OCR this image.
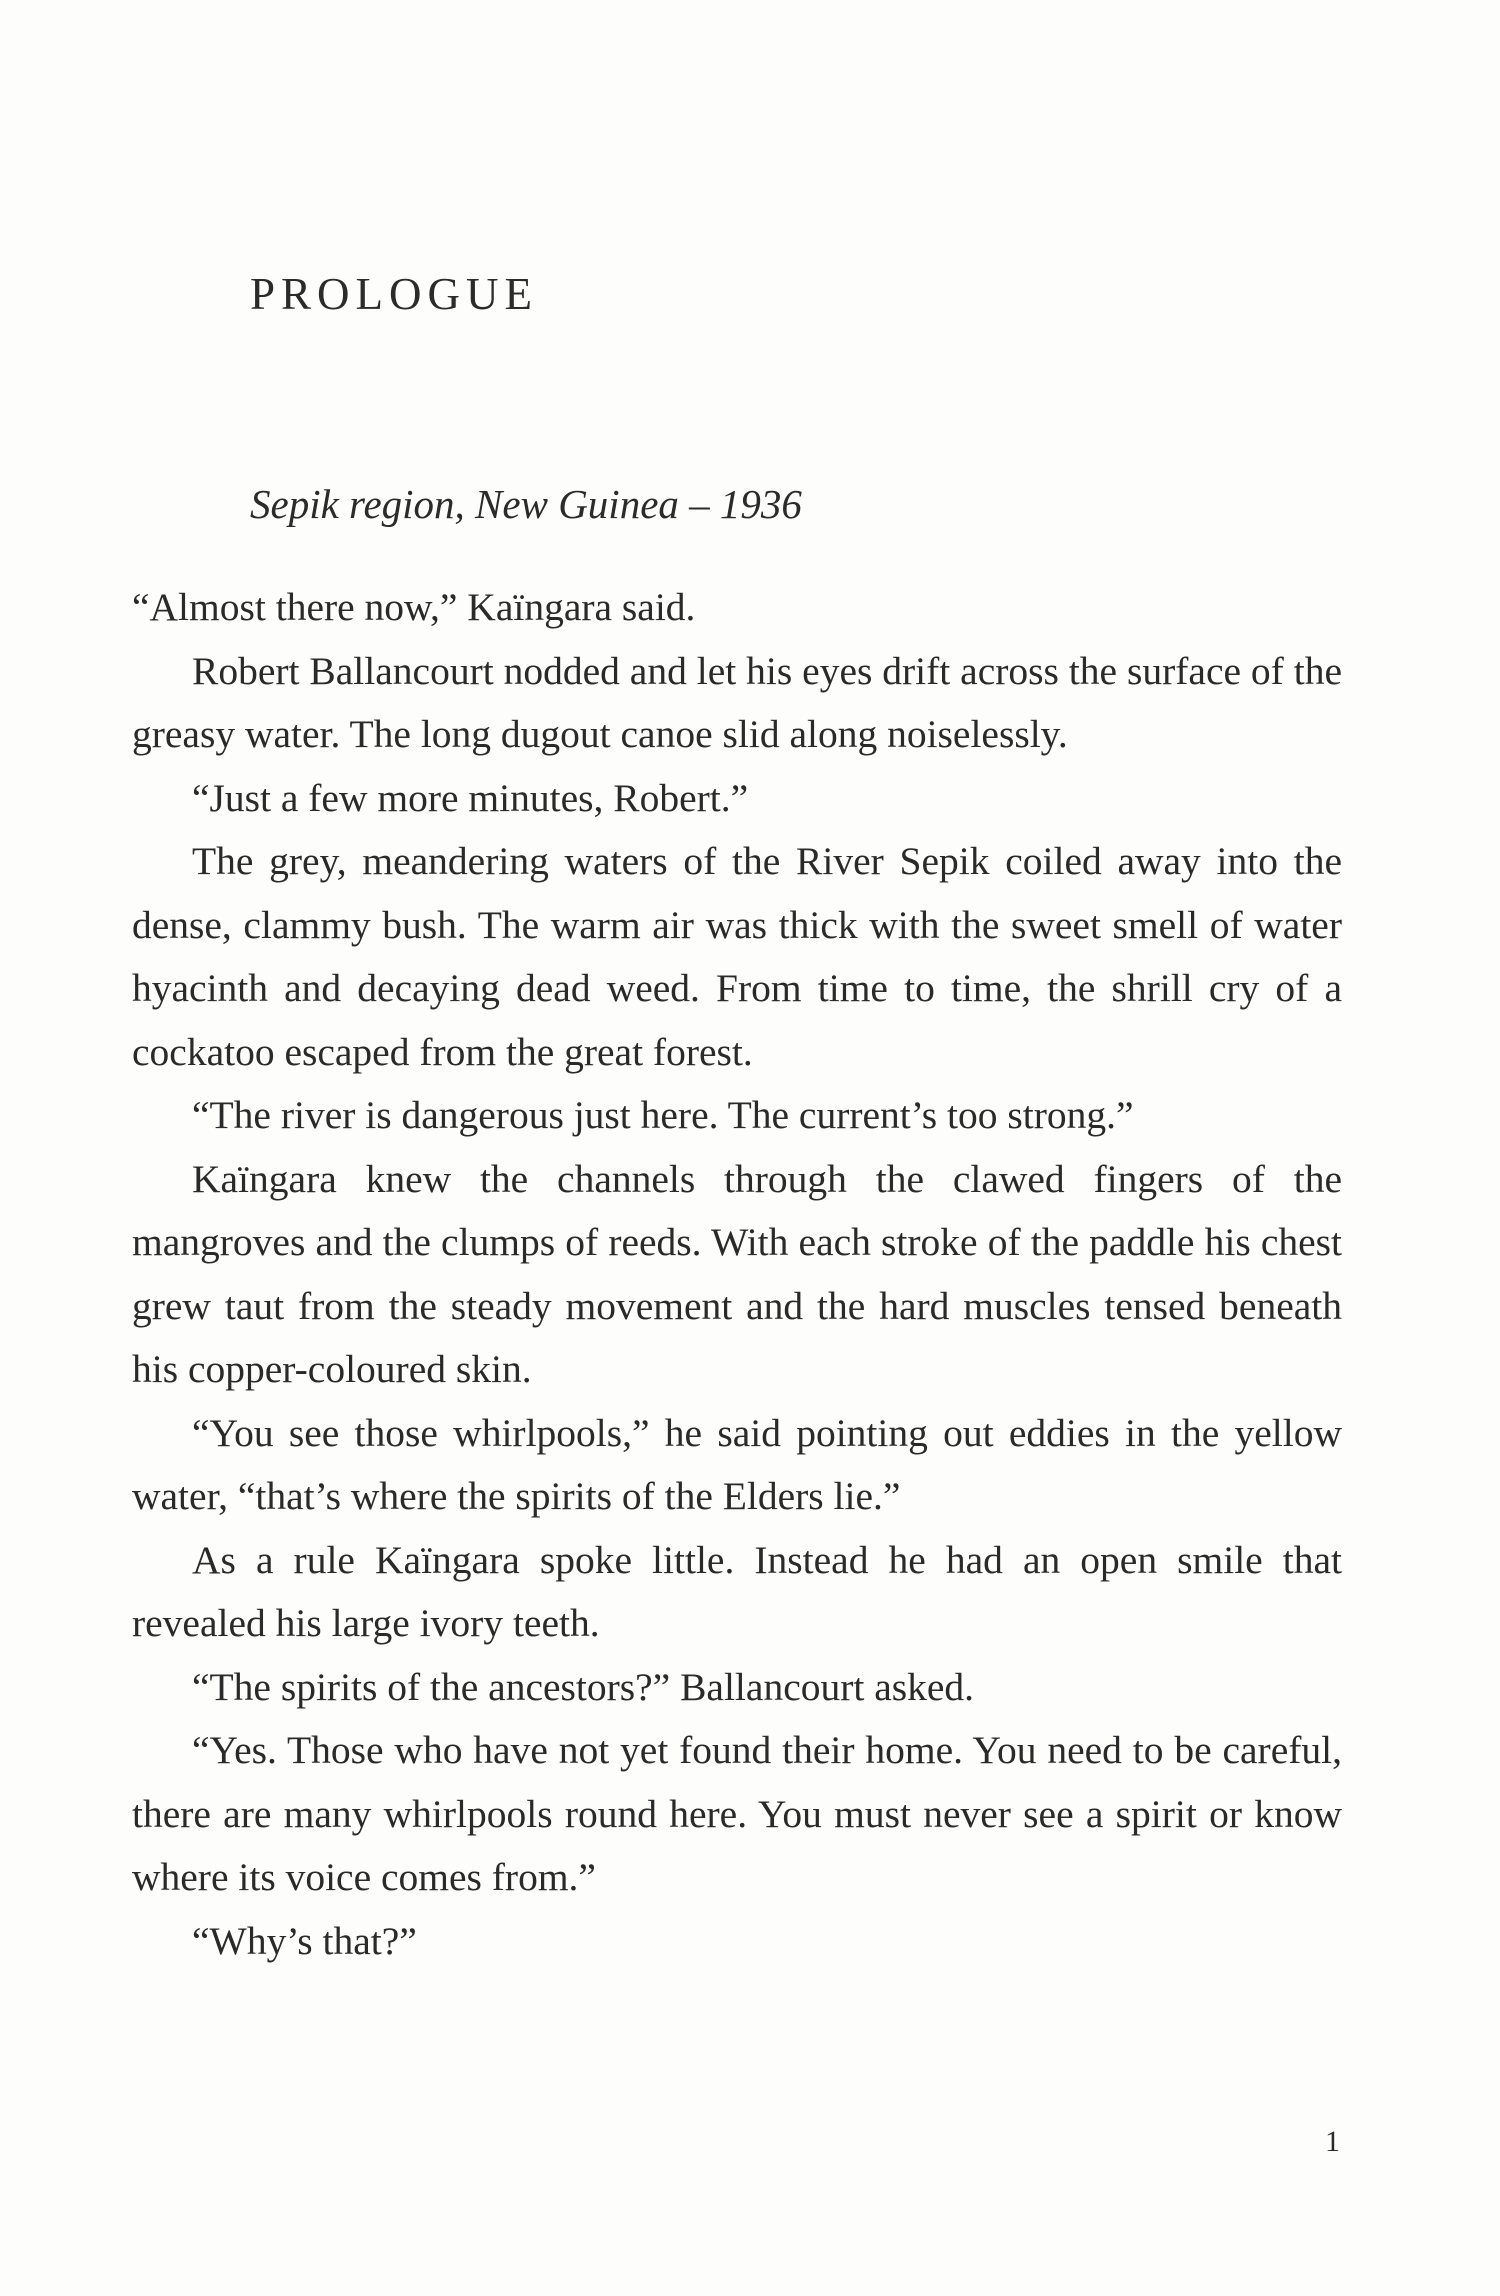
PROLOGUE

Sepik region, New Guinea – 1936

“Almost there now,” Kaïngara said.

Robert Ballancourt nodded and let his eyes drift across the surface of the greasy water. The long dugout canoe slid along noiselessly.

“Just a few more minutes, Robert.”

The grey, meandering waters of the River Sepik coiled away into the dense, clammy bush. The warm air was thick with the sweet smell of water hyacinth and decaying dead weed. From time to time, the shrill cry of a cockatoo escaped from the great forest.

“The river is dangerous just here. The current’s too strong.”

Kaïngara knew the channels through the clawed fingers of the mangroves and the clumps of reeds. With each stroke of the paddle his chest grew taut from the steady movement and the hard muscles tensed beneath his copper-coloured skin.

“You see those whirlpools,” he said pointing out eddies in the yellow water, “that’s where the spirits of the Elders lie.”

As a rule Kaïngara spoke little. Instead he had an open smile that revealed his large ivory teeth.

“The spirits of the ancestors?” Ballancourt asked.

“Yes. Those who have not yet found their home. You need to be careful, there are many whirlpools round here. You must never see a spirit or know where its voice comes from.”

“Why’s that?”

1
